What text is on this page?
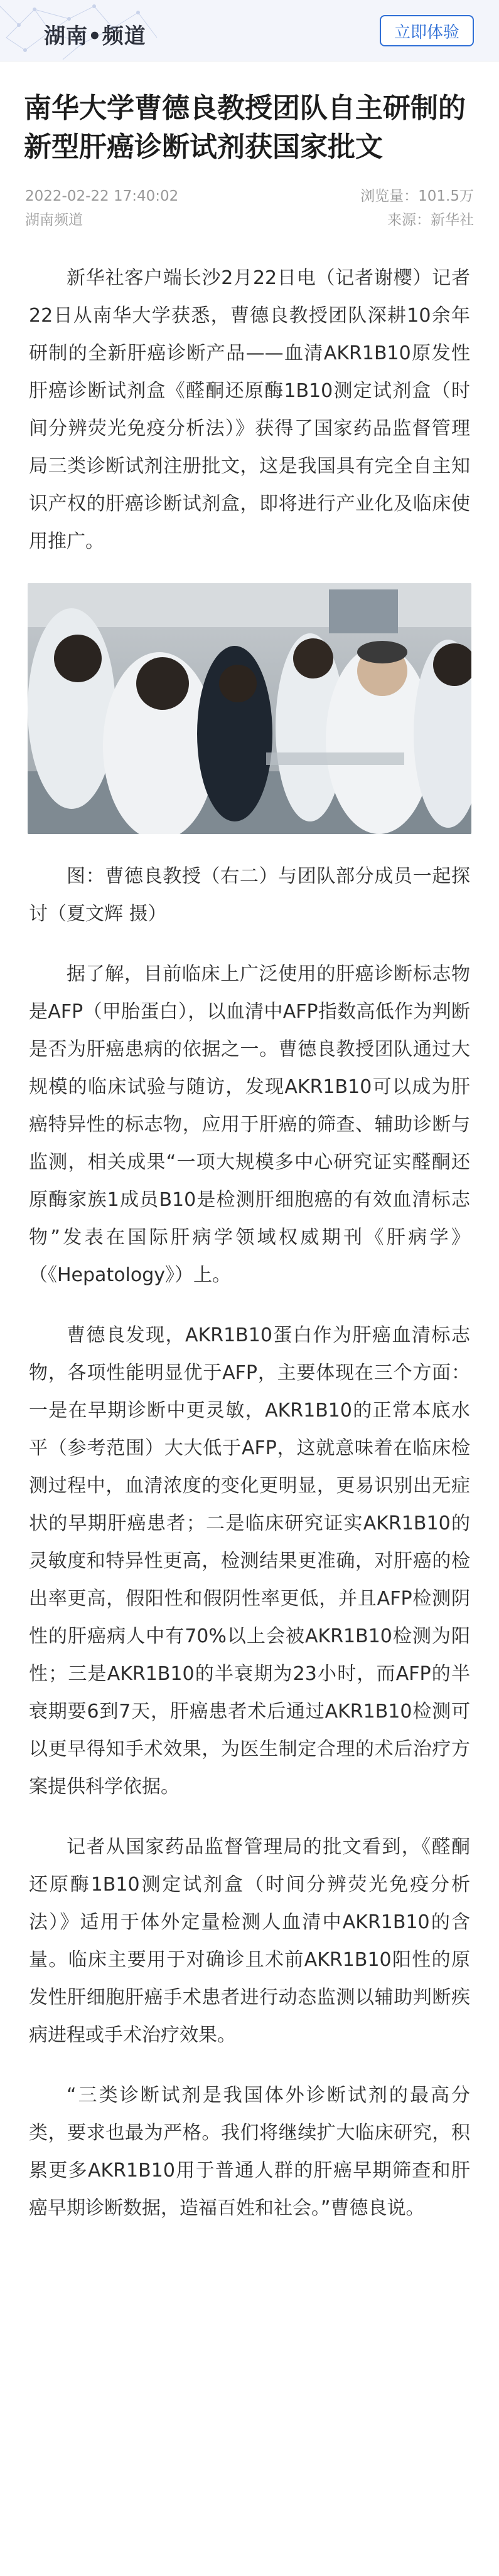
湖南•频道	立即体验
南华大学曹德良教授团队自主研制的新型肝癌诊断试剂获国家批文
2022-02-22 17:40:02	浏览量：101.5万
湖南频道	来源：新华社

新华社客户端长沙2月22日电（记者谢樱）记者22日从南华大学获悉，曹德良教授团队深耕10余年研制的全新肝癌诊断产品——血清AKR1B10原发性肝癌诊断试剂盒《醛酮还原酶1B10测定试剂盒（时间分辨荧光免疫分析法）》获得了国家药品监督管理局三类诊断试剂注册批文，这是我国具有完全自主知识产权的肝癌诊断试剂盒，即将进行产业化及临床使用推广。

图：曹德良教授（右二）与团队部分成员一起探讨（夏文辉 摄）

据了解，目前临床上广泛使用的肝癌诊断标志物是AFP（甲胎蛋白），以血清中AFP指数高低作为判断是否为肝癌患病的依据之一。曹德良教授团队通过大规模的临床试验与随访，发现AKR1B10可以成为肝癌特异性的标志物，应用于肝癌的筛查、辅助诊断与监测，相关成果“一项大规模多中心研究证实醛酮还原酶家族1成员B10是检测肝细胞癌的有效血清标志物”发表在国际肝病学领域权威期刊《肝病学》（《Hepatology》）上。

曹德良发现，AKR1B10蛋白作为肝癌血清标志物，各项性能明显优于AFP，主要体现在三个方面：一是在早期诊断中更灵敏，AKR1B10的正常本底水平（参考范围）大大低于AFP，这就意味着在临床检测过程中，血清浓度的变化更明显，更易识别出无症状的早期肝癌患者；二是临床研究证实AKR1B10的灵敏度和特异性更高，检测结果更准确，对肝癌的检出率更高，假阳性和假阴性率更低，并且AFP检测阴性的肝癌病人中有70%以上会被AKR1B10检测为阳性；三是AKR1B10的半衰期为23小时，而AFP的半衰期要6到7天，肝癌患者术后通过AKR1B10检测可以更早得知手术效果，为医生制定合理的术后治疗方案提供科学依据。

记者从国家药品监督管理局的批文看到，《醛酮还原酶1B10测定试剂盒（时间分辨荧光免疫分析法）》适用于体外定量检测人血清中AKR1B10的含量。临床主要用于对确诊且术前AKR1B10阳性的原发性肝细胞肝癌手术患者进行动态监测以辅助判断疾病进程或手术治疗效果。

“三类诊断试剂是我国体外诊断试剂的最高分类，要求也最为严格。我们将继续扩大临床研究，积累更多AKR1B10用于普通人群的肝癌早期筛查和肝癌早期诊断数据，造福百姓和社会。”曹德良说。
